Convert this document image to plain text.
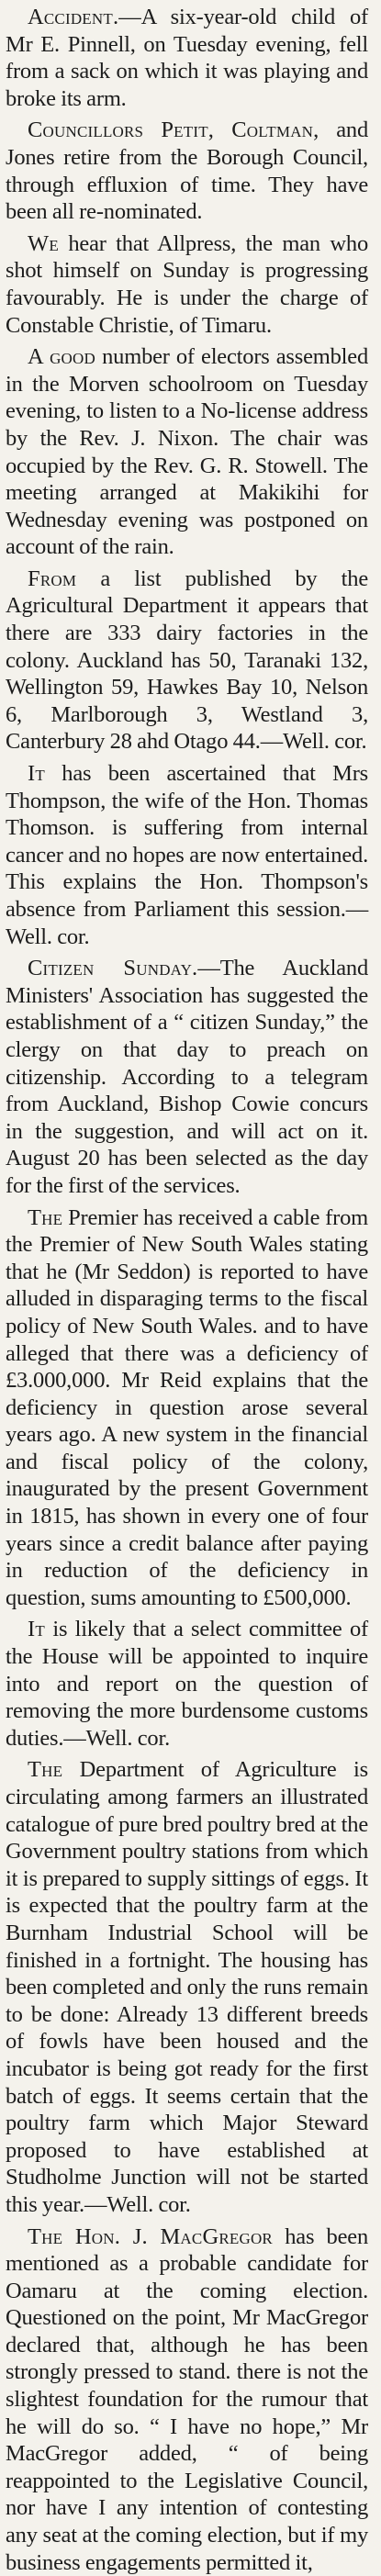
Accident.—A six-year-old child of Mr E. Pinnell, on Tuesday evening, fell from a sack on which it was playing and broke its arm.

Councillors Petit, Coltman, and Jones retire from the Borough Council, through effluxion of time. They have been all re-nominated.

We hear that Allpress, the man who shot himself on Sunday is progressing favourably. He is under the charge of Constable Christie, of Timaru.

A good number of electors assembled in the Morven schoolroom on Tuesday evening, to listen to a No-license address by the Rev. J. Nixon. The chair was occupied by the Rev. G. R. Stowell. The meeting arranged at Makikihi for Wednesday evening was postponed on account of the rain.

From a list published by the Agricultural Department it appears that there are 333 dairy factories in the colony. Auckland has 50, Taranaki 132, Wellington 59, Hawkes Bay 10, Nelson 6, Marlborough 3, Westland 3, Canterbury 28 ahd Otago 44.—Well. cor.

It has been ascertained that Mrs Thompson, the wife of the Hon. Thomas Thomson. is suffering from internal cancer and no hopes are now entertained. This explains the Hon. Thompson's absence from Parliament this session.—Well. cor.

Citizen Sunday.—The Auckland Ministers' Association has suggested the establishment of a “ citizen Sunday,” the clergy on that day to preach on citizenship. According to a telegram from Auckland, Bishop Cowie concurs in the suggestion, and will act on it. August 20 has been selected as the day for the first of the services.

The Premier has received a cable from the Premier of New South Wales stating that he (Mr Seddon) is reported to have alluded in disparaging terms to the fiscal policy of New South Wales. and to have alleged that there was a deficiency of £3.000,000. Mr Reid explains that the deficiency in question arose several years ago. A new system in the financial and fiscal policy of the colony, inaugurated by the present Government in 1815, has shown in every one of four years since a credit balance after paying in reduction of the deficiency in question, sums amounting to £500,000.

It is likely that a select committee of the House will be appointed to inquire into and report on the question of removing the more burdensome customs duties.—Well. cor.

The Department of Agriculture is circulating among farmers an illustrated catalogue of pure bred poultry bred at the Government poultry stations from which it is prepared to supply sittings of eggs. It is expected that the poultry farm at the Burnham Industrial School will be finished in a fortnight. The housing has been completed and only the runs remain to be done: Already 13 different breeds of fowls have been housed and the incubator is being got ready for the first batch of eggs. It seems certain that the poultry farm which Major Steward proposed to have established at Studholme Junction will not be started this year.—Well. cor.

The Hon. J. MacGregor has been mentioned as a probable candidate for Oamaru at the coming election. Questioned on the point, Mr MacGregor declared that, although he has been strongly pressed to stand. there is not the slightest foundation for the rumour that he will do so. “ I have no hope,” Mr MacGregor added, “ of being reappointed to the Legislative Council, nor have I any intention of contesting any seat at the coming election, but if my business engagements permitted it,
